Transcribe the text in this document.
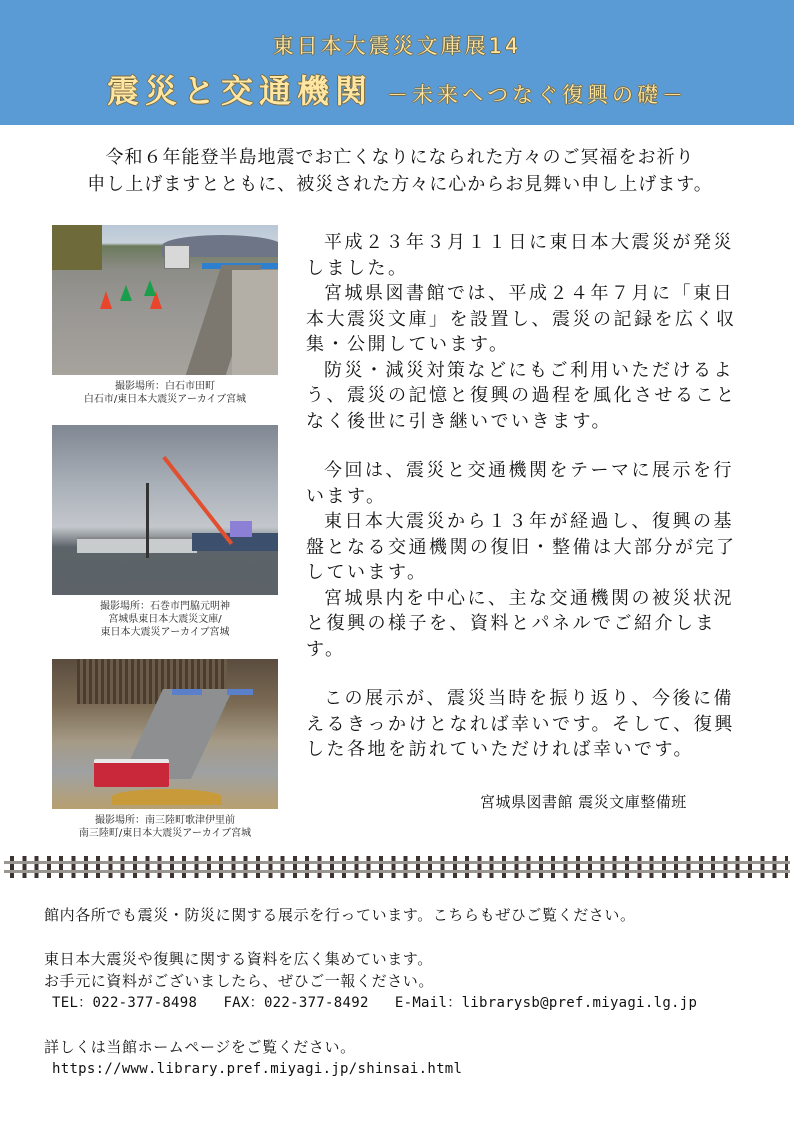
東日本大震災文庫展14
震災と交通機関 －未来へつなぐ復興の礎－
令和６年能登半島地震でお亡くなりになられた方々のご冥福をお祈り
申し上げますとともに、被災された方々に心からお見舞い申し上げます。
撮影場所：白石市田町
白石市/東日本大震災アーカイブ宮城
撮影場所：石巻市門脇元明神
宮城県東日本大震災文庫/
東日本大震災アーカイブ宮城
撮影場所：南三陸町歌津伊里前
南三陸町/東日本大震災アーカイブ宮城

平成２３年３月１１日に東日本大震災が発災しました。

宮城県図書館では、平成２４年７月に「東日本大震災文庫」を設置し、震災の記録を広く収集・公開しています。

防災・減災対策などにもご利用いただけるよう、震災の記憶と復興の過程を風化させることなく後世に引き継いでいきます。

今回は、震災と交通機関をテーマに展示を行います。

東日本大震災から１３年が経過し、復興の基盤となる交通機関の復旧・整備は大部分が完了しています。

宮城県内を中心に、主な交通機関の被災状況と復興の様子を、資料とパネルでご紹介します。

この展示が、震災当時を振り返り、今後に備えるきっかけとなれば幸いです。そして、復興した各地を訪れていただければ幸いです。

宮城県図書館 震災文庫整備班
館内各所でも震災・防災に関する展示を行っています。こちらもぜひご覧ください。
東日本大震災や復興に関する資料を広く集めています。
お手元に資料がございましたら、ぜひご一報ください。
TEL：022-377-8498 FAX：022-377-8492 E-Mail：librarysb@pref.miyagi.lg.jp
詳しくは当館ホームページをご覧ください。
https://www.library.pref.miyagi.jp/shinsai.html
